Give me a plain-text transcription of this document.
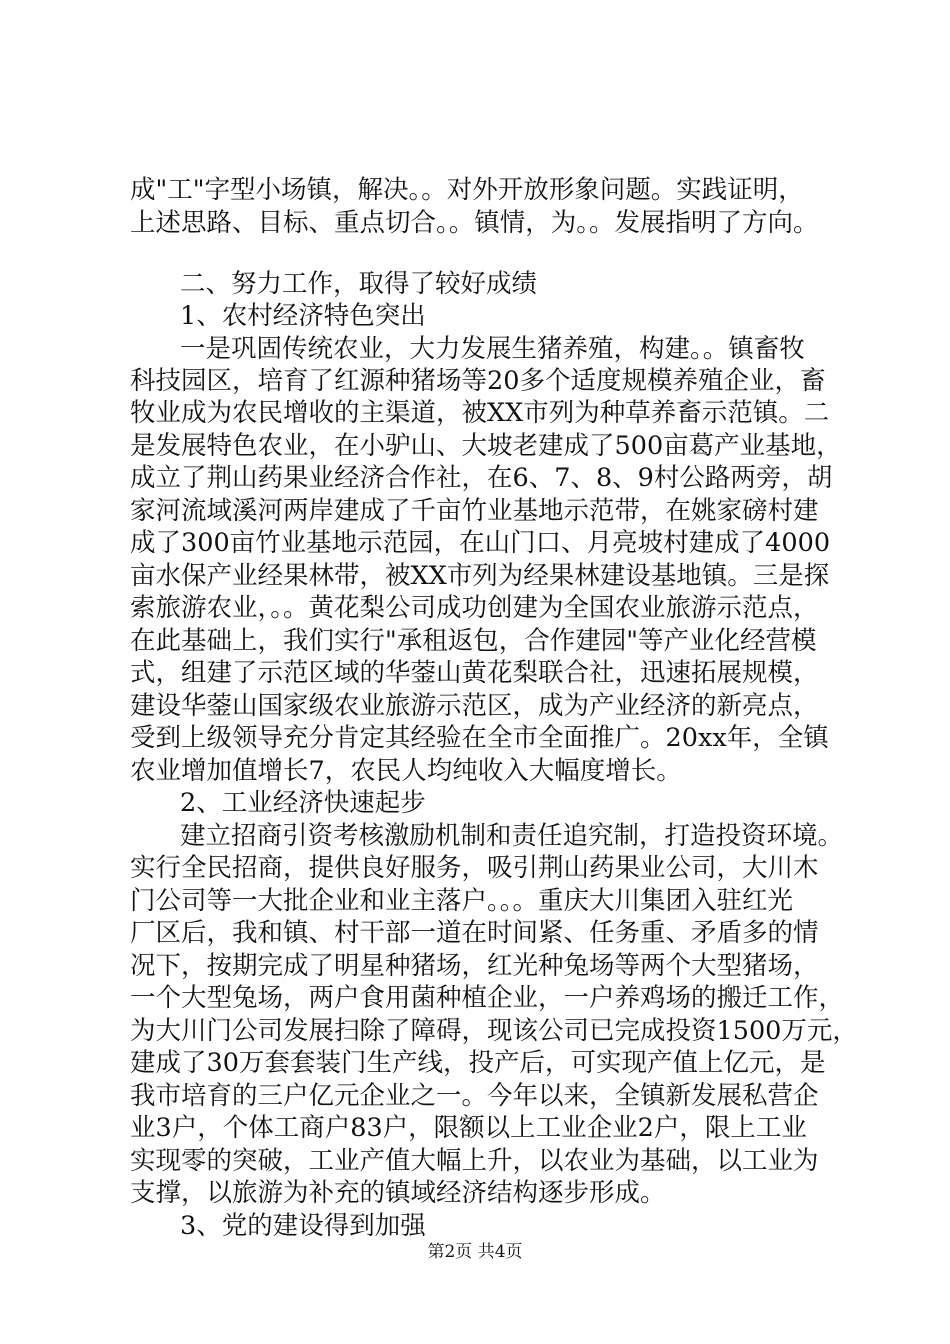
成"工"字型小场镇，解决。。对外开放形象问题。实践证明，
上述思路、目标、重点切合。。镇情，为。。发展指明了方向。
二、努力工作，取得了较好成绩
1、农村经济特色突出
一是巩固传统农业，大力发展生猪养殖，构建。。镇畜牧
科技园区，培育了红源种猪场等20多个适度规模养殖企业，畜
牧业成为农民增收的主渠道，被XX市列为种草养畜示范镇。二
是发展特色农业，在小驴山、大坡老建成了500亩葛产业基地，
成立了荆山药果业经济合作社，在6、7、8、9村公路两旁，胡
家河流域溪河两岸建成了千亩竹业基地示范带，在姚家磅村建
成了300亩竹业基地示范园，在山门口、月亮坡村建成了4000
亩水保产业经果林带，被XX市列为经果林建设基地镇。三是探
索旅游农业，。。黄花梨公司成功创建为全国农业旅游示范点，
在此基础上，我们实行"承租返包，合作建园"等产业化经营模
式，组建了示范区域的华蓥山黄花梨联合社，迅速拓展规模，
建设华蓥山国家级农业旅游示范区，成为产业经济的新亮点，
受到上级领导充分肯定其经验在全市全面推广。20xx年，全镇
农业增加值增长7，农民人均纯收入大幅度增长。
2、工业经济快速起步
建立招商引资考核激励机制和责任追究制，打造投资环境。
实行全民招商，提供良好服务，吸引荆山药果业公司，大川木
门公司等一大批企业和业主落户。。。重庆大川集团入驻红光
厂区后，我和镇、村干部一道在时间紧、任务重、矛盾多的情
况下，按期完成了明星种猪场，红光种兔场等两个大型猪场，
一个大型兔场，两户食用菌种植企业，一户养鸡场的搬迁工作，
为大川门公司发展扫除了障碍，现该公司已完成投资1500万元，
建成了30万套套装门生产线，投产后，可实现产值上亿元，是
我市培育的三户亿元企业之一。今年以来，全镇新发展私营企
业3户，个体工商户83户，限额以上工业企业2户，限上工业
实现零的突破，工业产值大幅上升，以农业为基础，以工业为
支撑，以旅游为补充的镇域经济结构逐步形成。
3、党的建设得到加强
第2页 共4页
